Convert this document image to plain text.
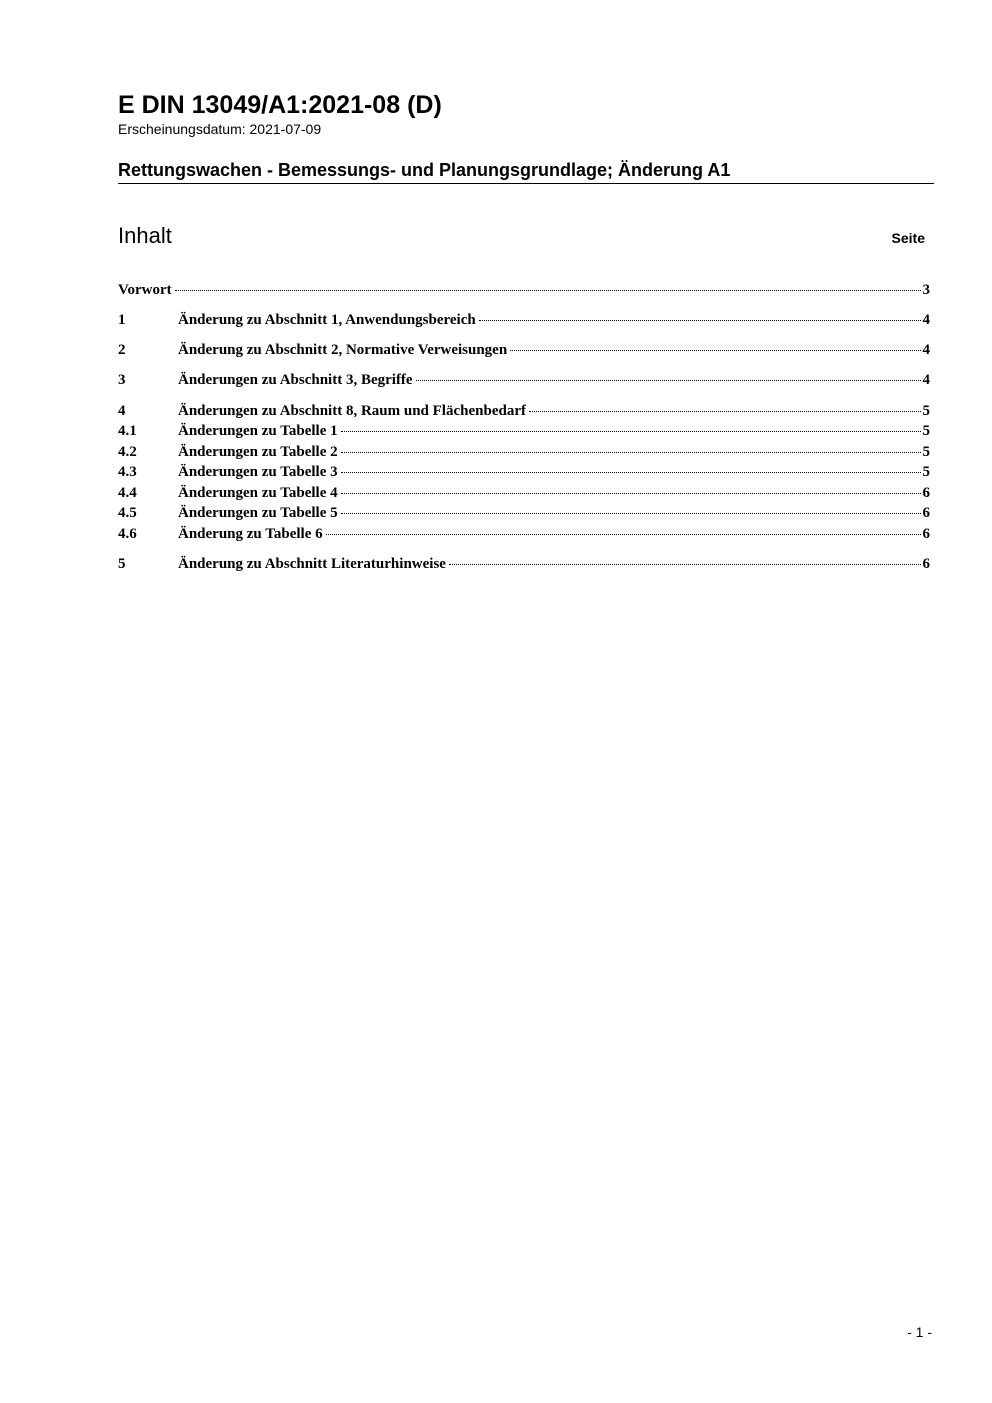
E DIN 13049/A1:2021-08 (D)
Erscheinungsdatum: 2021-07-09
Rettungswachen - Bemessungs- und Planungsgrundlage; Änderung A1
Inhalt	Seite
Vorwort	3
1	Änderung zu Abschnitt 1, Anwendungsbereich	4
2	Änderung zu Abschnitt 2, Normative Verweisungen	4
3	Änderungen zu Abschnitt 3, Begriffe	4
4	Änderungen zu Abschnitt 8, Raum und Flächenbedarf	5
4.1	Änderungen zu Tabelle 1	5
4.2	Änderungen zu Tabelle 2	5
4.3	Änderungen zu Tabelle 3	5
4.4	Änderungen zu Tabelle 4	6
4.5	Änderungen zu Tabelle 5	6
4.6	Änderung zu Tabelle 6	6
5	Änderung zu Abschnitt Literaturhinweise	6
- 1 -
